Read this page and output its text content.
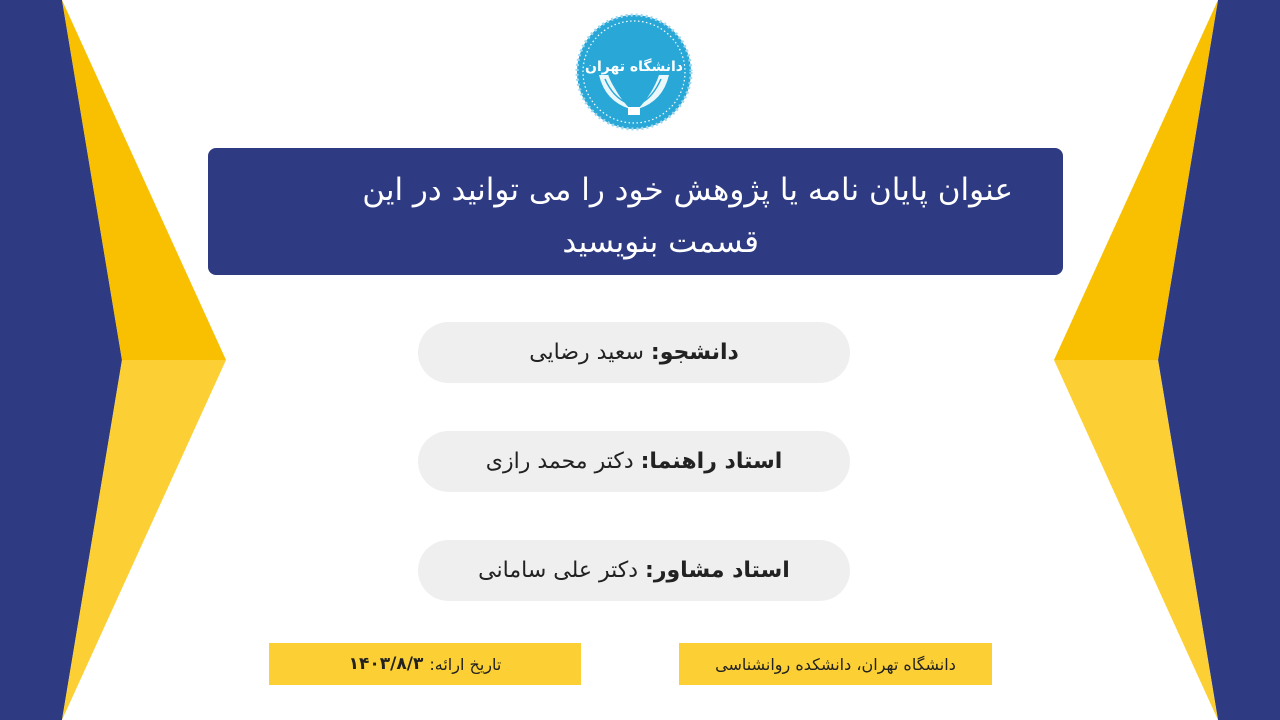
دانشگاه تهران
عنوان پایان نامه یا پژوهش خود را می توانید در این
قسمت بنویسید
دانشجو:
سعید رضایی
استاد راهنما:
دکتر محمد رازی
استاد مشاور:
دکتر علی سامانی
تاریخ ارائه:
۱۴۰۳/۸/۳	دانشگاه تهران، دانشکده روانشناسی
